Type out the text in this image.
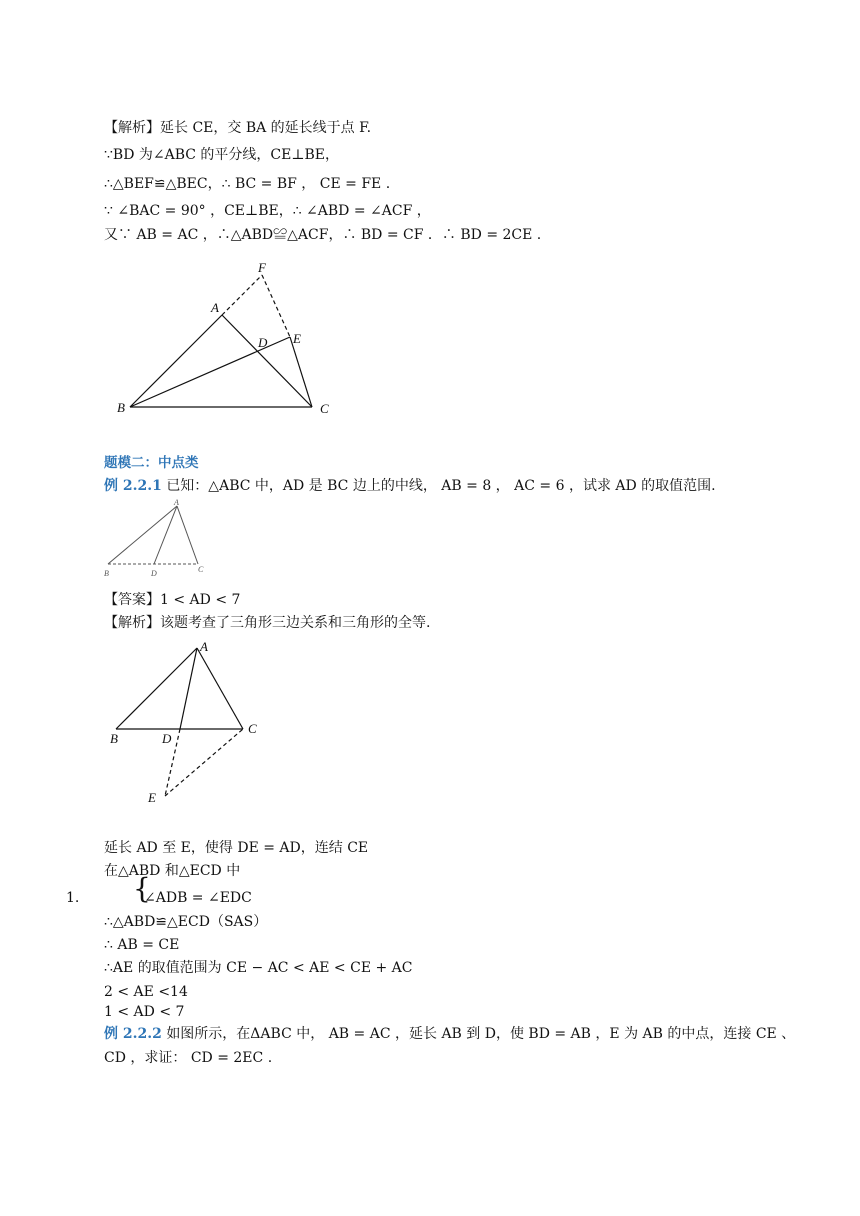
【解析】延长 CE，交 BA 的延长线于点 F.
∵BD 为∠ABC 的平分线，CE⊥BE，
∴△BEF≌△BEC，∴ BC = BF ， CE = FE .
∵ ∠BAC = 90° ，CE⊥BE，∴ ∠ABD = ∠ACF ，
又∵ AB = AC ，∴△ABD≌△ACF，∴ BD = CF ．∴ BD = 2CE .
F
A
D E
B	C
题模二：中点类
例 2.2.1 已知：△ABC 中，AD 是 BC 边上的中线， AB = 8 ， AC = 6 ，试求 AD 的取值范围.
A
B	D	C
【答案】1 < AD < 7
【解析】该题考查了三角形三边关系和三角形的全等.
A
B	D
C
E
延长 AD 至 E，使得 DE = AD，连结 CE
在△ABD 和△ECD 中
1. {
∠ADB = ∠EDC
∴△ABD≌△ECD（SAS）
∴ AB = CE
∴AE 的取值范围为 CE − AC < AE < CE + AC
2 < AE <14
1 < AD < 7
例 2.2.2 如图所示，在ΔABC 中， AB = AC ，延长 AB 到 D，使 BD = AB ，E 为 AB 的中点，连接 CE 、
CD ，求证： CD = 2EC .
